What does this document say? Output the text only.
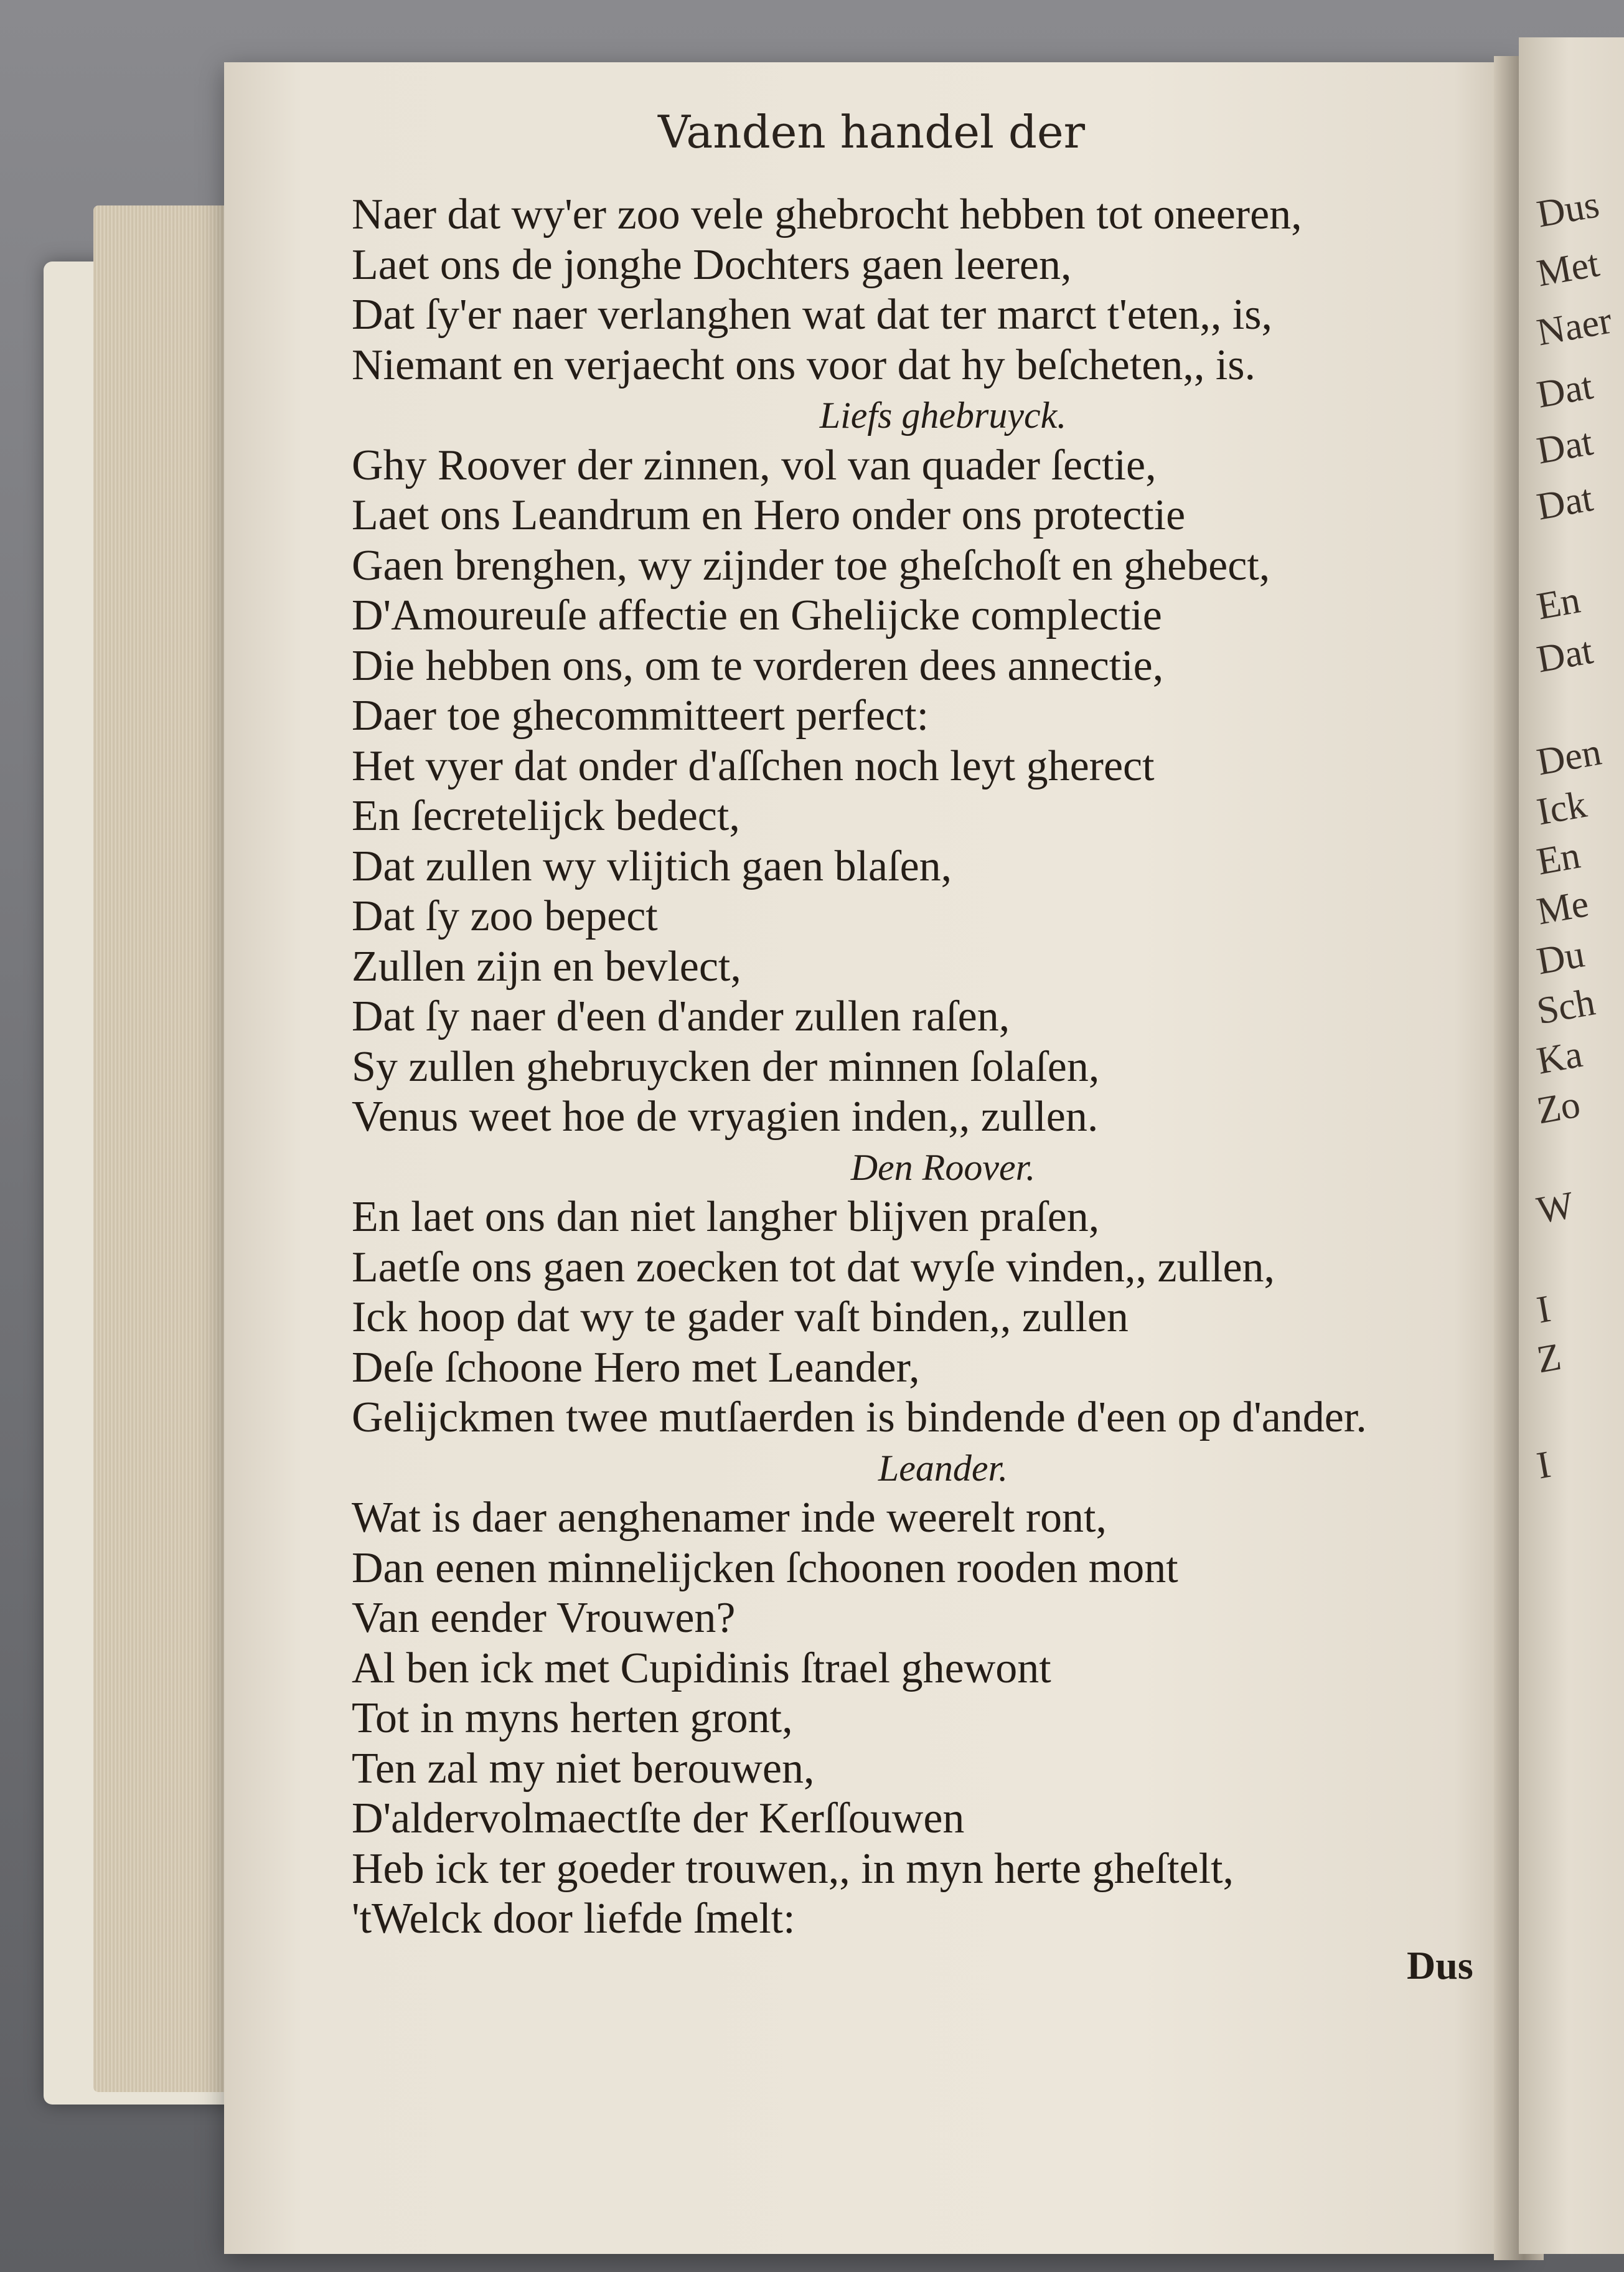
Dus
Met
Naer
Dat
Dat
Dat
En
Dat
Den
Ick
En
Me
Du
Sch
Ka
Zo
W
I
Z
I
Vanden handel der
Naer dat wy'er zoo vele ghebrocht hebben tot oneeren,
Laet ons de jonghe Dochters gaen leeren,
Dat ſy'er naer verlanghen wat dat ter marct t'eten,, is,
Niemant en verjaecht ons voor dat hy beſcheten,, is.
Liefs ghebruyck.
Ghy Roover der zinnen, vol van quader ſectie,
Laet ons Leandrum en Hero onder ons protectie
Gaen brenghen, wy zijnder toe gheſchoſt en ghebect,
D'Amoureuſe affectie en Ghelijcke complectie
Die hebben ons, om te vorderen dees annectie,
Daer toe ghecommitteert perfect:
Het vyer dat onder d'aſſchen noch leyt gherect
En ſecretelijck bedect,
Dat zullen wy vlijtich gaen blaſen,
Dat ſy zoo bepect
Zullen zijn en bevlect,
Dat ſy naer d'een d'ander zullen raſen,
Sy zullen ghebruycken der minnen ſolaſen,
Venus weet hoe de vryagien inden,, zullen.
Den Roover.
En laet ons dan niet langher blijven praſen,
Laetſe ons gaen zoecken tot dat wyſe vinden,, zullen,
Ick hoop dat wy te gader vaſt binden,, zullen
Deſe ſchoone Hero met Leander,
Gelijckmen twee mutſaerden is bindende d'een op d'ander.
Leander.
Wat is daer aenghenamer inde weerelt ront,
Dan eenen minnelijcken ſchoonen rooden mont
Van eender Vrouwen?
Al ben ick met Cupidinis ſtrael ghewont
Tot in myns herten gront,
Ten zal my niet berouwen,
D'aldervolmaectſte der Kerſſouwen
Heb ick ter goeder trouwen,, in myn herte gheſtelt,
'tWelck door liefde ſmelt:
Dus
